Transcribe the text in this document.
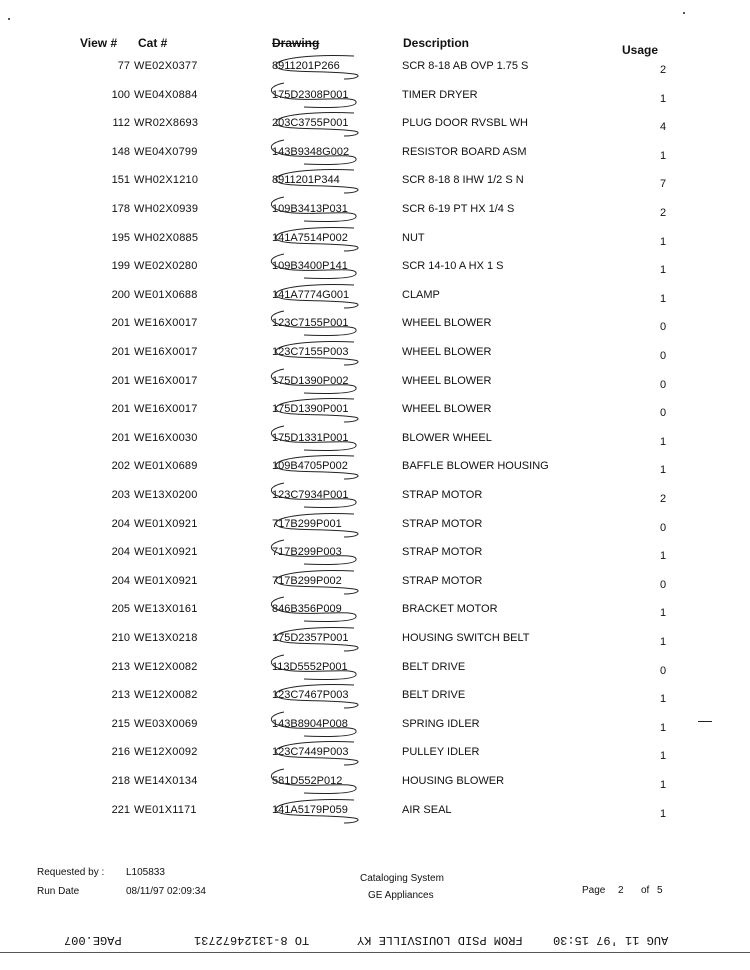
View # Cat #	Drawing	Description	Usage
77 WE02X0377	8911201P266	SCR 8-18 AB OVP 1.75 S	2
100 WE04X0884	175D2308P001	TIMER DRYER	1
112 WR02X8693	203C3755P001	PLUG DOOR RVSBL WH	4
148 WE04X0799	143B9348G002	RESISTOR BOARD ASM	1
151 WH02X1210	8911201P344	SCR 8-18 8 IHW 1/2 S N	7
178 WH02X0939	109B3413P031	SCR 6-19 PT HX 1/4 S	2
195 WH02X0885	141A7514P002	NUT	1
199 WE02X0280	109B3400P141	SCR 14-10 A HX 1 S	1
200 WE01X0688	141A7774G001	CLAMP	1
201 WE16X0017	123C7155P001	WHEEL BLOWER	0
201 WE16X0017	123C7155P003	WHEEL BLOWER	0
201 WE16X0017	175D1390P002	WHEEL BLOWER	0
201 WE16X0017	175D1390P001	WHEEL BLOWER	0
201 WE16X0030	175D1331P001	BLOWER WHEEL	1
202 WE01X0689	109B4705P002	BAFFLE BLOWER HOUSING	1
203 WE13X0200	123C7934P001	STRAP MOTOR	2
204 WE01X0921	717B299P001	STRAP MOTOR	0
204 WE01X0921	717B299P003	STRAP MOTOR	1
204 WE01X0921	717B299P002	STRAP MOTOR	0
205 WE13X0161	846B356P009	BRACKET MOTOR	1
210 WE13X0218	175D2357P001	HOUSING SWITCH BELT	1
213 WE12X0082	113D5552P001	BELT DRIVE	0
213 WE12X0082	123C7467P003	BELT DRIVE	1
215 WE03X0069	143B8904P008	SPRING IDLER	1
216 WE12X0092	123C7449P003	PULLEY IDLER	1
218 WE14X0134	581D552P012	HOUSING BLOWER	1
221 WE01X1171	141A5179P059	AIR SEAL	1
Requested by : L105833
Run Date	08/11/97 02:09:34
Cataloging System
GE Appliances	Page 2 of 5
PAGE.007	TO 8-13124672731	FROM PSID LOUISVILLE KY	AUG 11 '97 15:30
